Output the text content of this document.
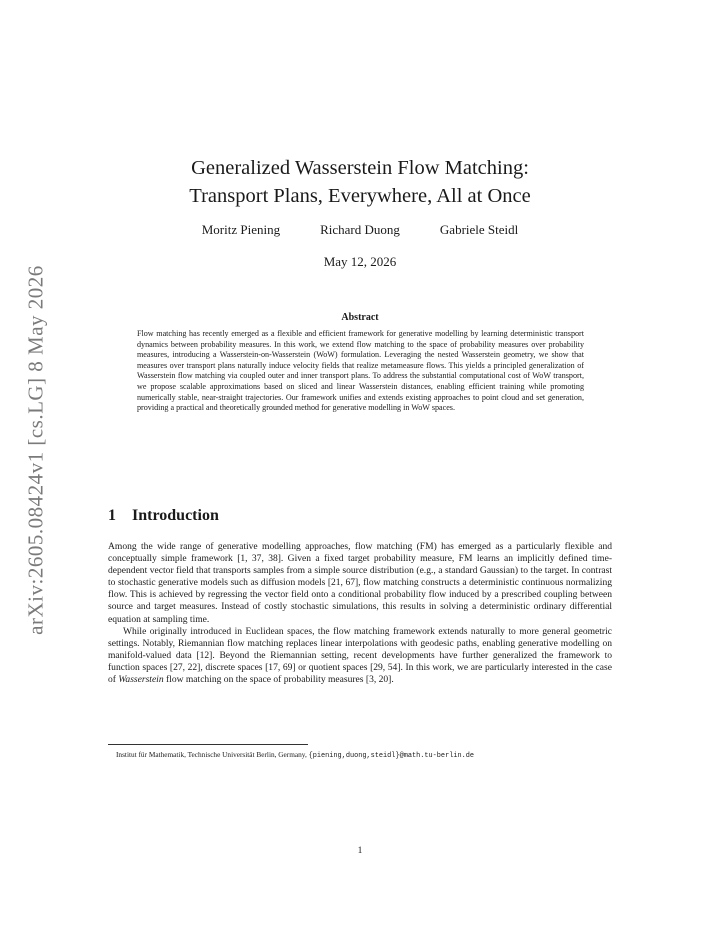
arXiv:2605.08424v1 [cs.LG] 8 May 2026
Generalized Wasserstein Flow Matching:
Transport Plans, Everywhere, All at Once
Moritz Piening	Richard Duong	Gabriele Steidl
May 12, 2026
Abstract

Flow matching has recently emerged as a flexible and efficient framework for generative modelling by learning deterministic transport dynamics between probability measures. In this work, we extend flow matching to the space of probability measures over probability measures, introducing a Wasserstein-on-Wasserstein (WoW) formulation. Leveraging the nested Wasserstein geometry, we show that measures over transport plans naturally induce velocity fields that realize metameasure flows. This yields a principled generalization of Wasserstein flow matching via coupled outer and inner transport plans. To address the substantial computational cost of WoW transport, we propose scalable approximations based on sliced and linear Wasserstein distances, enabling efficient training while promoting numerically stable, near-straight trajectories. Our framework unifies and extends existing approaches to point cloud and set generation, providing a practical and theoretically grounded method for generative modelling in WoW spaces.

1 Introduction

Among the wide range of generative modelling approaches, flow matching (FM) has emerged as a particularly flexible and conceptually simple framework [1, 37, 38]. Given a fixed target probability measure, FM learns an implicitly defined time-dependent vector field that transports samples from a simple source distribution (e.g., a standard Gaussian) to the target. In contrast to stochastic generative models such as diffusion models [21, 67], flow matching constructs a deterministic continuous normalizing flow. This is achieved by regressing the vector field onto a conditional probability flow induced by a prescribed coupling between source and target measures. Instead of costly stochastic simulations, this results in solving a deterministic ordinary differential equation at sampling time.

While originally introduced in Euclidean spaces, the flow matching framework extends naturally to more general geometric settings. Notably, Riemannian flow matching replaces linear interpolations with geodesic paths, enabling generative modelling on manifold-valued data [12]. Beyond the Riemannian setting, recent developments have further generalized the framework to function spaces [27, 22], discrete spaces [17, 69] or quotient spaces [29, 54]. In this work, we are particularly interested in the case of Wasserstein flow matching on the space of probability measures [3, 20].

Institut für Mathematik, Technische Universität Berlin, Germany, {piening,duong,steidl}@math.tu-berlin.de
1
